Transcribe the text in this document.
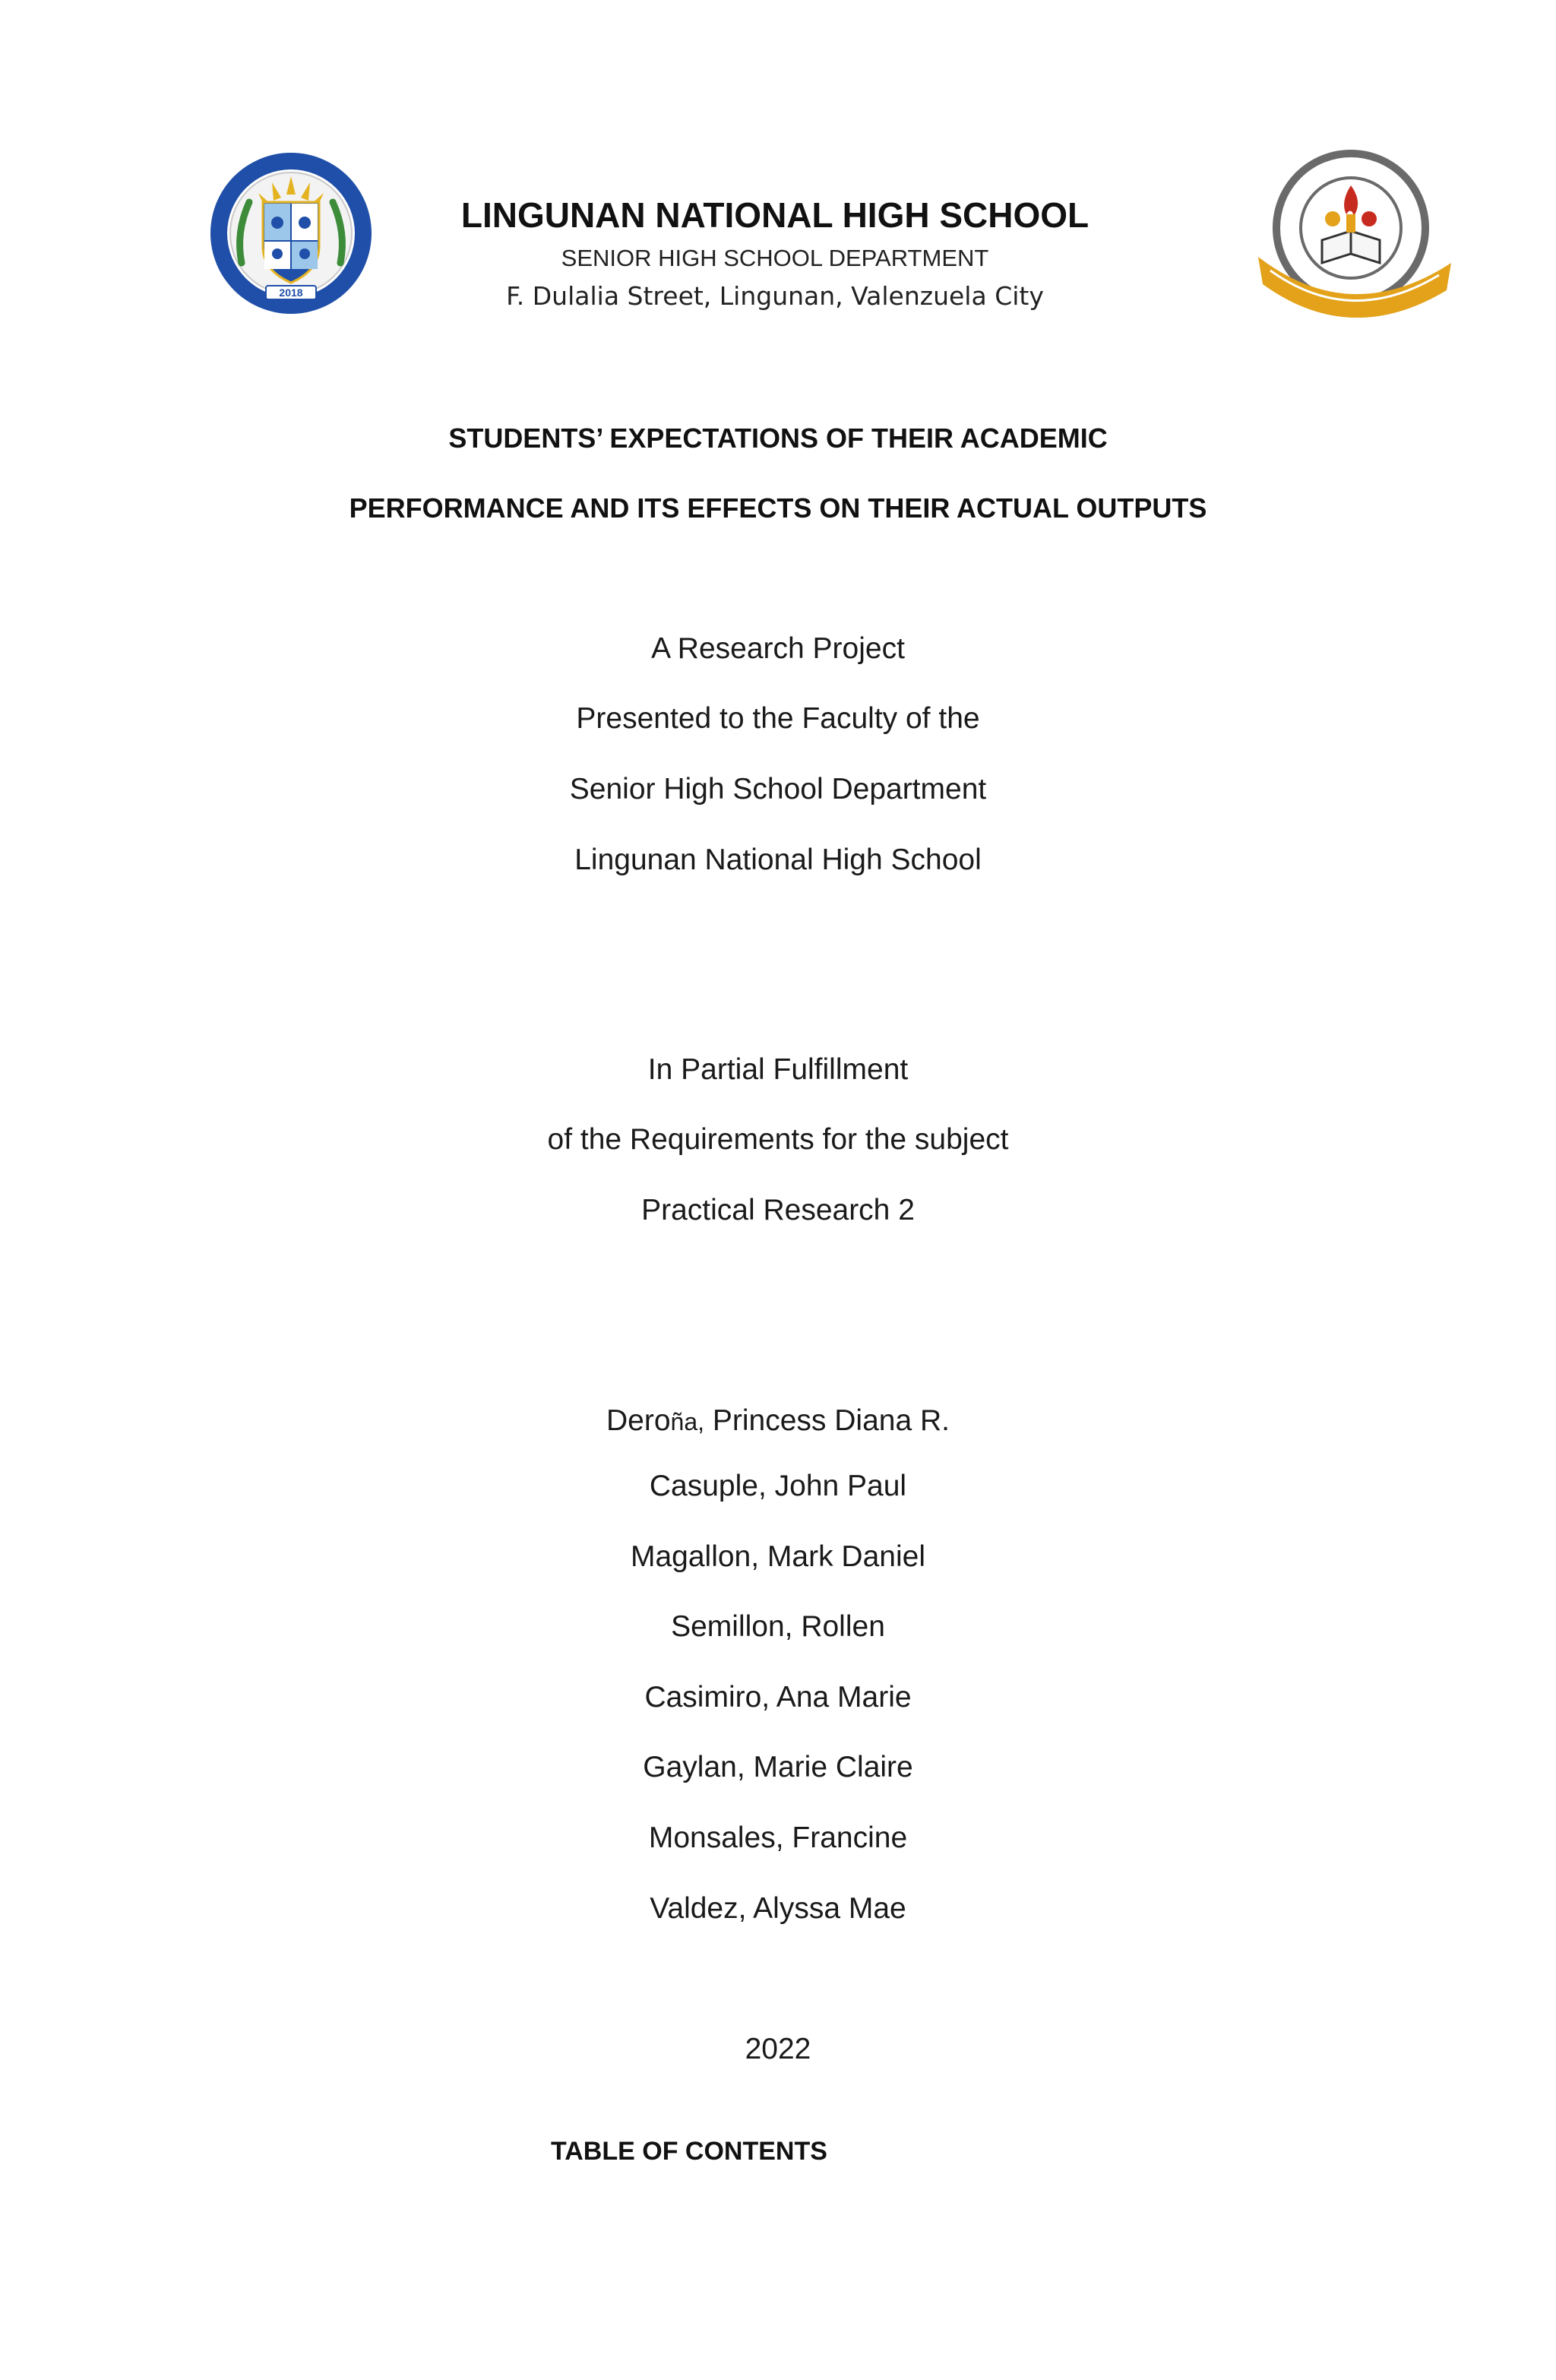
2018
LINGUNAN NATIONAL HIGH SCHOOL
SENIOR HIGH SCHOOL DEPARTMENT
F. Dulalia Street, Lingunan, Valenzuela City
STUDENTS’ EXPECTATIONS OF THEIR ACADEMIC
PERFORMANCE AND ITS EFFECTS ON THEIR ACTUAL OUTPUTS
A Research Project
Presented to the Faculty of the
Senior High School Department
Lingunan National High School
In Partial Fulfillment
of the Requirements for the subject
Practical Research 2
Deroña, Princess Diana R.
Casuple, John Paul
Magallon, Mark Daniel
Semillon, Rollen
Casimiro, Ana Marie
Gaylan, Marie Claire
Monsales, Francine
Valdez, Alyssa Mae
2022
TABLE OF CONTENTS
